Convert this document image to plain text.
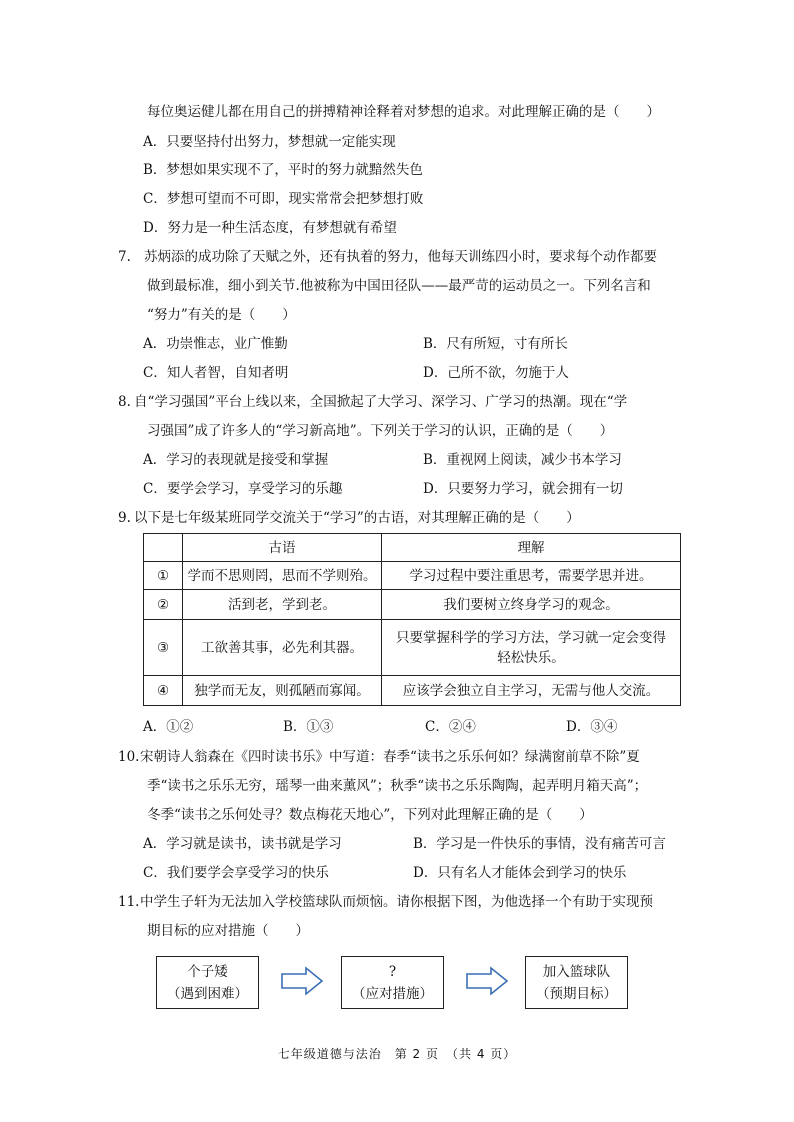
每位奥运健儿都在用自己的拼搏精神诠释着对梦想的追求。对此理解正确的是（　　）
A．只要坚持付出努力，梦想就一定能实现
B．梦想如果实现不了，平时的努力就黯然失色
C．梦想可望而不可即，现实常常会把梦想打败
D．努力是一种生活态度，有梦想就有希望
7. 苏炳添的成功除了天赋之外，还有执着的努力，他每天训练四小时，要求每个动作都要
做到最标准，细小到关节.他被称为中国田径队——最严苛的运动员之一。下列名言和
“努力”有关的是（　　）
A．功崇惟志，业广惟勤	B．尺有所短，寸有所长
C．知人者智，自知者明	D．己所不欲，勿施于人
8. 自“学习强国”平台上线以来，全国掀起了大学习、深学习、广学习的热潮。现在“学
习强国”成了许多人的“学习新高地”。下列关于学习的认识，正确的是（　　）
A．学习的表现就是接受和掌握	B．重视网上阅读，减少书本学习
C．要学会学习，享受学习的乐趣	D．只要努力学习，就会拥有一切
9. 以下是七年级某班同学交流关于“学习”的古语，对其理解正确的是（　　）
	古语	理解
①	学而不思则罔，思而不学则殆。	学习过程中要注重思考，需要学思并进。
②	活到老，学到老。	我们要树立终身学习的观念。
③	工欲善其事，必先利其器。	只要掌握科学的学习方法，学习就一定会变得轻松快乐。
④	独学而无友，则孤陋而寡闻。	应该学会独立自主学习，无需与他人交流。
A．①②	B．①③	C．②④	D．③④
10. 宋朝诗人翁森在《四时读书乐》中写道：春季“读书之乐乐何如？绿满窗前草不除”夏
季“读书之乐乐无穷，瑶琴一曲来薰风”；秋季“读书之乐乐陶陶，起弄明月箱天高”；
冬季“读书之乐何处寻？数点梅花天地心”，下列对此理解正确的是（　　）
A．学习就是读书，读书就是学习	B．学习是一件快乐的事情，没有痛苦可言
C．我们要学会享受学习的快乐	D．只有名人才能体会到学习的快乐
11. 中学生子轩为无法加入学校篮球队而烦恼。请你根据下图，为他选择一个有助于实现预
期目标的应对措施（　　）
个子矮
（遇到困难）
?
（应对措施）
加入篮球队
（预期目标）
七年级道德与法治　第 2 页　（共 4 页）
